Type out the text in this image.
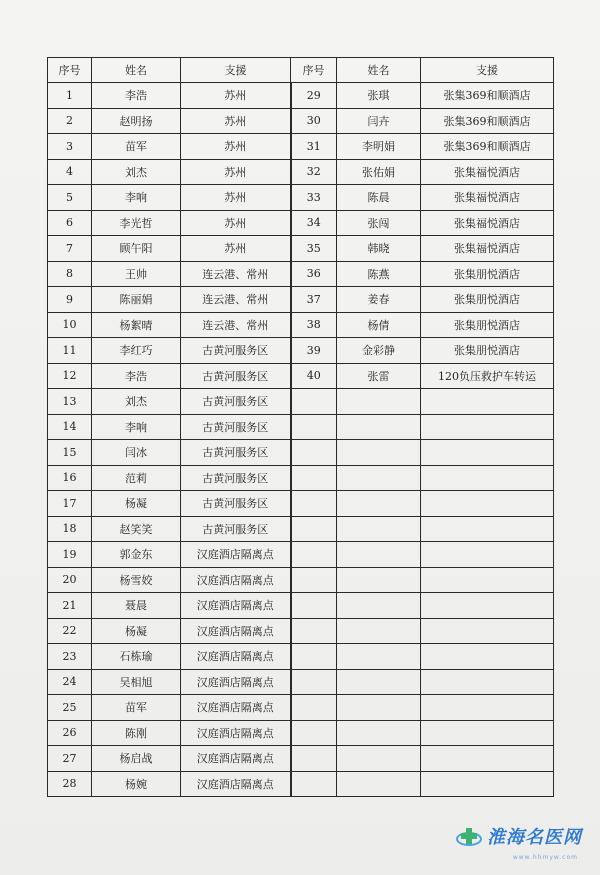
序号	姓名	支援	序号	姓名	支援
1	李浩	苏州	29	张琪	张集369和顺酒店
2	赵明扬	苏州	30	闫卉	张集369和顺酒店
3	苗军	苏州	31	李明娟	张集369和顺酒店
4	刘杰	苏州	32	张佑娟	张集福悦酒店
5	李响	苏州	33	陈晨	张集福悦酒店
6	李光哲	苏州	34	张闯	张集福悦酒店
7	顾午阳	苏州	35	韩晓	张集福悦酒店
8	王帅	连云港、常州	36	陈燕	张集朋悦酒店
9	陈丽娟	连云港、常州	37	姜春	张集朋悦酒店
10	杨絮晴	连云港、常州	38	杨倩	张集朋悦酒店
11	李红巧	古黄河服务区	39	金彩静	张集朋悦酒店
12	李浩	古黄河服务区	40	张雷	120负压救护车转运
13	刘杰	古黄河服务区			
14	李响	古黄河服务区			
15	闫冰	古黄河服务区			
16	范莉	古黄河服务区			
17	杨凝	古黄河服务区			
18	赵笑笑	古黄河服务区			
19	郭金东	汉庭酒店隔离点			
20	杨雪姣	汉庭酒店隔离点			
21	聂晨	汉庭酒店隔离点			
22	杨凝	汉庭酒店隔离点			
23	石栋瑜	汉庭酒店隔离点			
24	吴相旭	汉庭酒店隔离点			
25	苗军	汉庭酒店隔离点			
26	陈刚	汉庭酒店隔离点			
27	杨启战	汉庭酒店隔离点			
28	杨婉	汉庭酒店隔离点			
淮海名医网
www.hhmyw.com
